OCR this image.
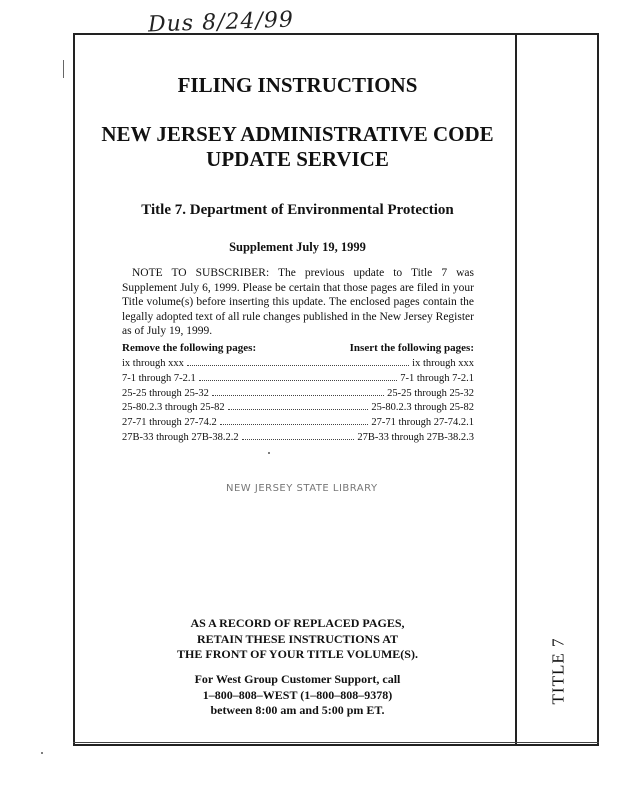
Dus 8/24/99
FILING INSTRUCTIONS
NEW JERSEY ADMINISTRATIVE CODE
UPDATE SERVICE
Title 7. Department of Environmental Protection
Supplement July 19, 1999
NOTE TO SUBSCRIBER: The previous update to Title 7 was Supplement July 6, 1999. Please be certain that those pages are filed in your Title volume(s) before inserting this update. The enclosed pages contain the legally adopted text of all rule changes published in the New Jersey Register as of July 19, 1999.
Remove the following pages:	Insert the following pages:
ix through xxx	ix through xxx
7-1 through 7-2.1	7-1 through 7-2.1
25-25 through 25-32	25-25 through 25-32
25-80.2.3 through 25-82	25-80.2.3 through 25-82
27-71 through 27-74.2	27-71 through 27-74.2.1
27B-33 through 27B-38.2.2	27B-33 through 27B-38.2.3
NEW JERSEY STATE LIBRARY
AS A RECORD OF REPLACED PAGES,
RETAIN THESE INSTRUCTIONS AT
THE FRONT OF YOUR TITLE VOLUME(S).
For West Group Customer Support, call
1–800–808–WEST (1–800–808–9378)
between 8:00 am and 5:00 pm ET.
TITLE 7
